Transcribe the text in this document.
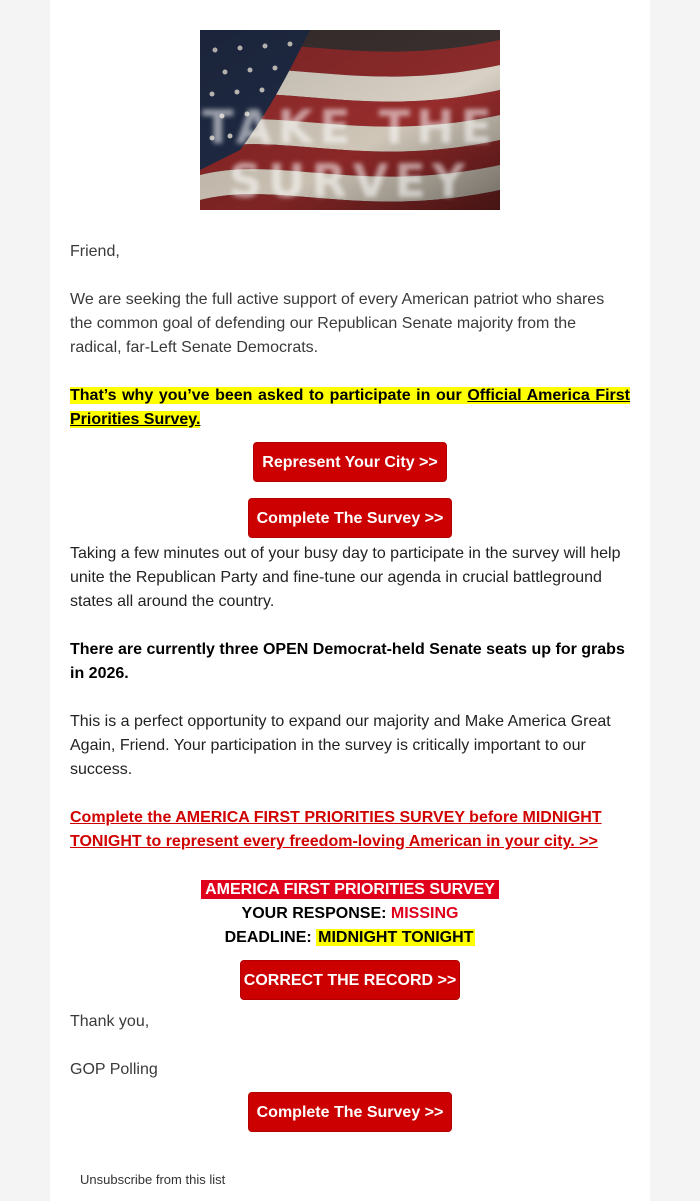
TAKE THE SURVEY
Friend,
We are seeking the full active support of every American patriot who shares the common goal of defending our Republican Senate majority from the radical, far-Left Senate Democrats.
That’s why you’ve been asked to participate in our Official America First Priorities Survey.
Represent Your City >>
Complete The Survey >>
Taking a few minutes out of your busy day to participate in the survey will help unite the Republican Party and fine-tune our agenda in crucial battleground states all around the country.
There are currently three OPEN Democrat-held Senate seats up for grabs in 2026.
This is a perfect opportunity to expand our majority and Make America Great Again, Friend. Your participation in the survey is critically important to our success.
Complete the AMERICA FIRST PRIORITIES SURVEY before MIDNIGHT TONIGHT to represent every freedom-loving American in your city. >>
AMERICA FIRST PRIORITIES SURVEY
YOUR RESPONSE: MISSING
DEADLINE: MIDNIGHT TONIGHT
CORRECT THE RECORD >>
Thank you,
GOP Polling
Complete The Survey >>
Unsubscribe from this list
